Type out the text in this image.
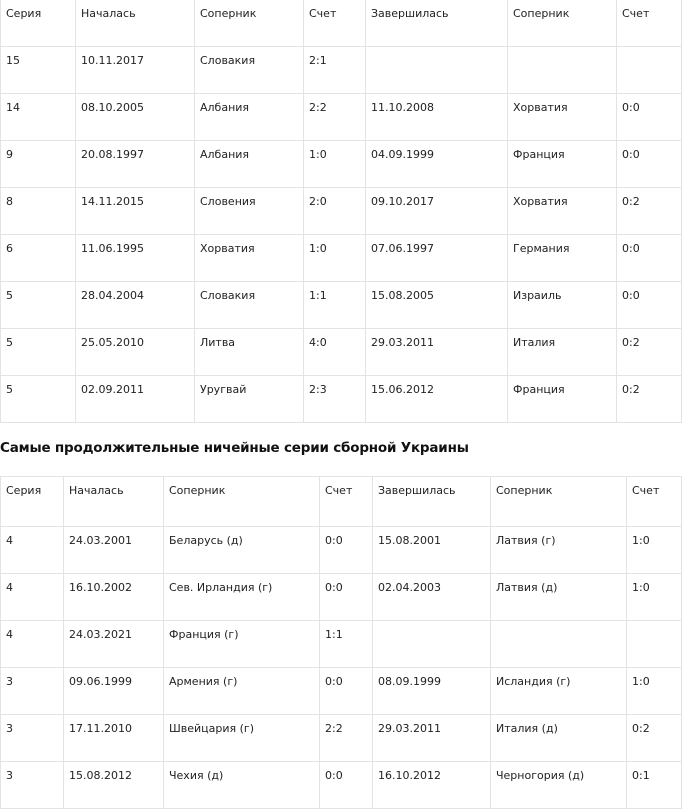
Серия	Началась	Соперник	Счет	Завершилась	Соперник	Счет
15	10.11.2017	Словакия	2:1			
14	08.10.2005	Албания	2:2	11.10.2008	Хорватия	0:0
9	20.08.1997	Албания	1:0	04.09.1999	Франция	0:0
8	14.11.2015	Словения	2:0	09.10.2017	Хорватия	0:2
6	11.06.1995	Хорватия	1:0	07.06.1997	Германия	0:0
5	28.04.2004	Словакия	1:1	15.08.2005	Израиль	0:0
5	25.05.2010	Литва	4:0	29.03.2011	Италия	0:2
5	02.09.2011	Уругвай	2:3	15.06.2012	Франция	0:2
Самые продолжительные ничейные серии сборной Украины
Серия	Началась	Соперник	Счет	Завершилась	Соперник	Счет
4	24.03.2001	Беларусь (д)	0:0	15.08.2001	Латвия (г)	1:0
4	16.10.2002	Сев. Ирландия (г)	0:0	02.04.2003	Латвия (д)	1:0
4	24.03.2021	Франция (г)	1:1			
3	09.06.1999	Армения (г)	0:0	08.09.1999	Исландия (г)	1:0
3	17.11.2010	Швейцария (г)	2:2	29.03.2011	Италия (д)	0:2
3	15.08.2012	Чехия (д)	0:0	16.10.2012	Черногория (д)	0:1
